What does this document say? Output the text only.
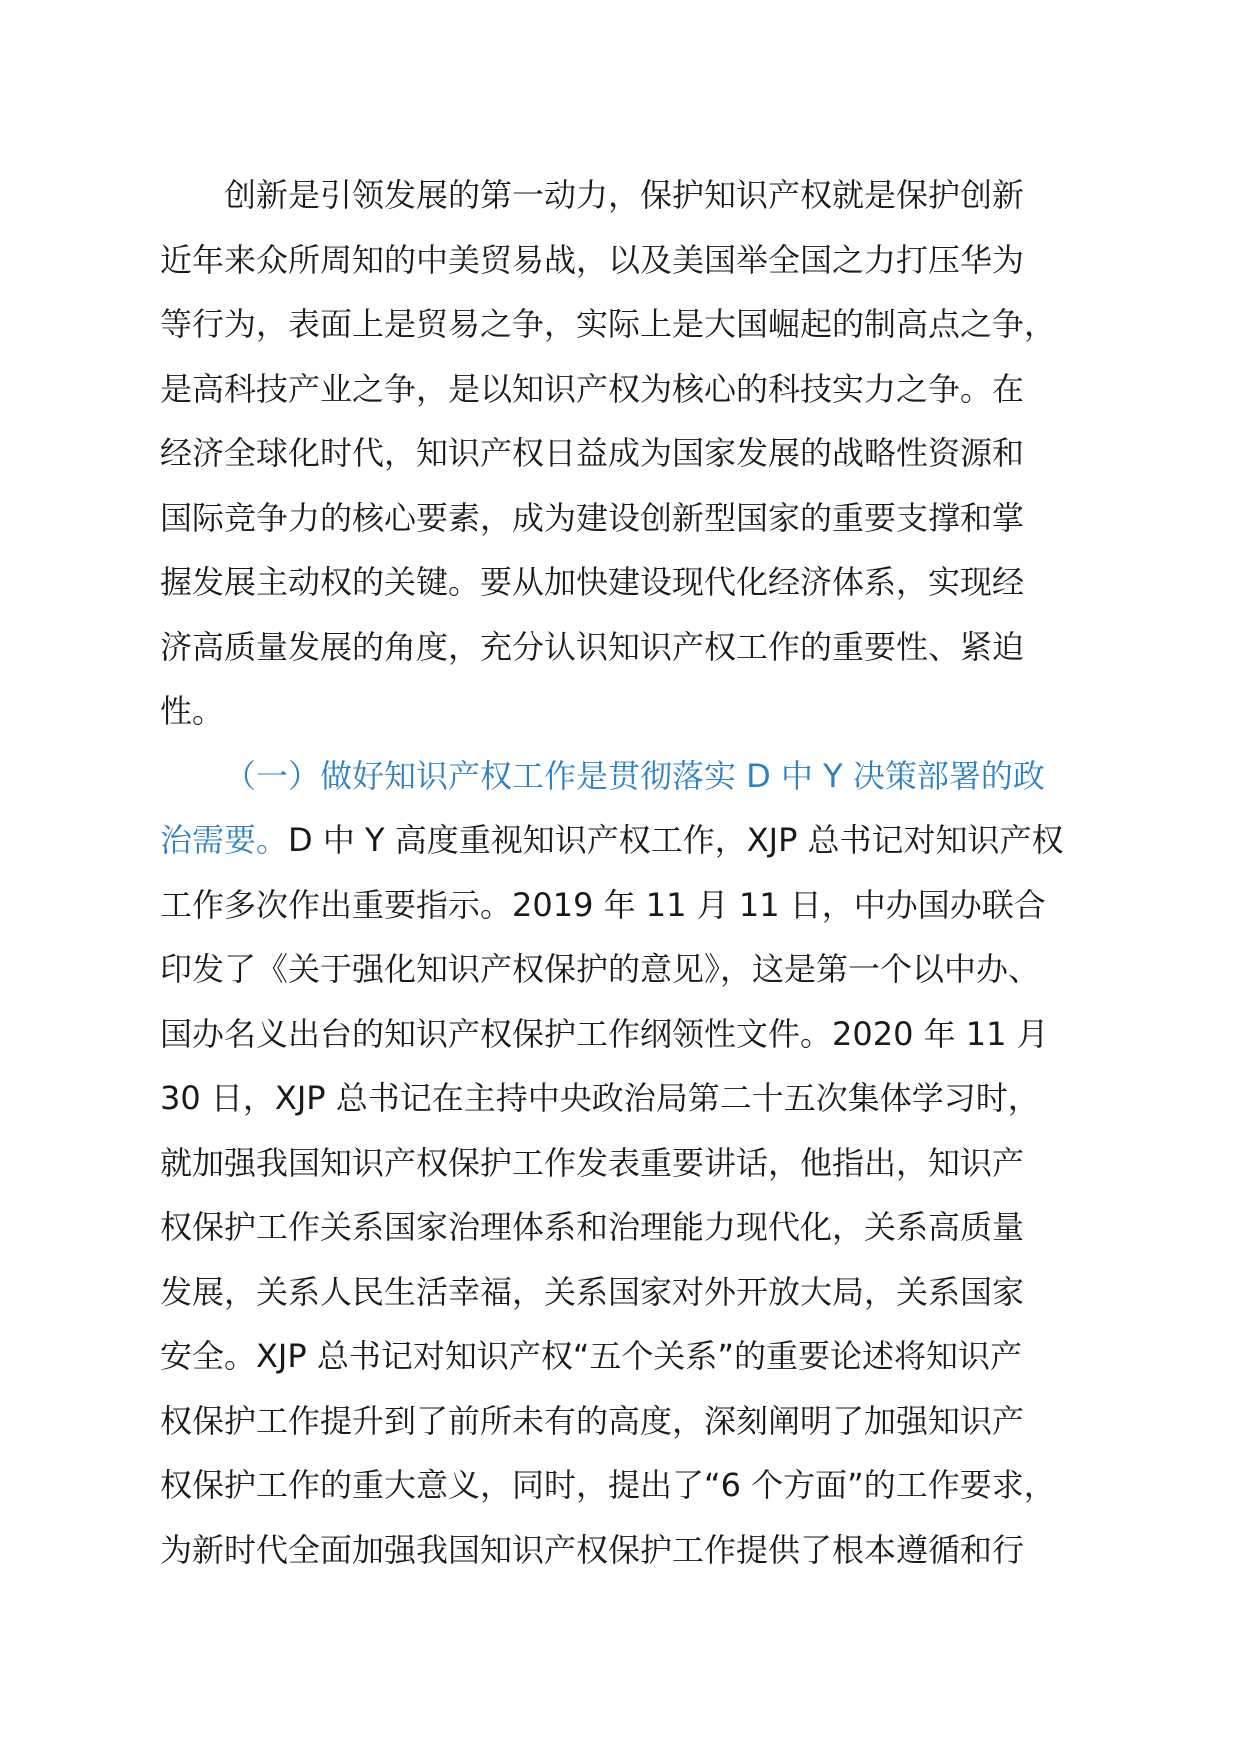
创新是引领发展的第一动力，保护知识产权就是保护创新
近年来众所周知的中美贸易战，以及美国举全国之力打压华为
等行为，表面上是贸易之争，实际上是大国崛起的制高点之争，
是高科技产业之争，是以知识产权为核心的科技实力之争。在
经济全球化时代，知识产权日益成为国家发展的战略性资源和
国际竞争力的核心要素，成为建设创新型国家的重要支撑和掌
握发展主动权的关键。要从加快建设现代化经济体系，实现经
济高质量发展的角度，充分认识知识产权工作的重要性、紧迫
性。
（一）做好知识产权工作是贯彻落实 D 中 Y 决策部署的政
治需要。D 中 Y 高度重视知识产权工作，XJP 总书记对知识产权
工作多次作出重要指示。2019 年 11 月 11 日，中办国办联合
印发了《关于强化知识产权保护的意见》，这是第一个以中办、
国办名义出台的知识产权保护工作纲领性文件。2020 年 11 月
30 日，XJP 总书记在主持中央政治局第二十五次集体学习时，
就加强我国知识产权保护工作发表重要讲话，他指出，知识产
权保护工作关系国家治理体系和治理能力现代化，关系高质量
发展，关系人民生活幸福，关系国家对外开放大局，关系国家
安全。XJP 总书记对知识产权“五个关系”的重要论述将知识产
权保护工作提升到了前所未有的高度，深刻阐明了加强知识产
权保护工作的重大意义，同时，提出了“6 个方面”的工作要求，
为新时代全面加强我国知识产权保护工作提供了根本遵循和行
